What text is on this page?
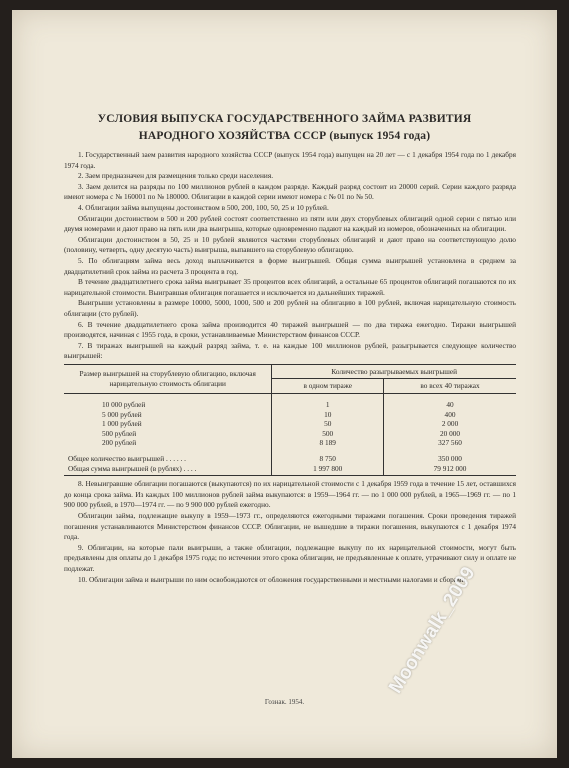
УСЛОВИЯ ВЫПУСКА ГОСУДАРСТВЕННОГО ЗАЙМА РАЗВИТИЯ
НАРОДНОГО ХОЗЯЙСТВА СССР (выпуск 1954 года)

1. Государственный заем развития народного хозяйства СССР (выпуск 1954 года) выпущен на 20 лет — с 1 декабря 1954 года по 1 декабря 1974 года.

2. Заем предназначен для размещения только среди населения.

3. Заем делится на разряды по 100 миллионов рублей в каждом разряде. Каждый разряд состоит из 20000 серий. Серии каждого разряда имеют номера с № 160001 по № 180000. Облигации в каждой серии имеют номера с № 01 по № 50.

4. Облигации займа выпущены достоинством в 500, 200, 100, 50, 25 и 10 рублей.

Облигации достоинством в 500 и 200 рублей состоят соответственно из пяти или двух сторублевых облигаций одной серии с пятью или двумя номерами и дают право на пять или два выигрыша, которые одновременно падают на каждый из номеров, обозначенных на облигации.

Облигации достоинством в 50, 25 и 10 рублей являются частями сторублевых облигаций и дают право на соответствующую долю (половину, четверть, одну десятую часть) выигрыша, выпавшего на сторублевую облигацию.

5. По облигациям займа весь доход выплачивается в форме выигрышей. Общая сумма выигрышей установлена в среднем за двадцатилетний срок займа из расчета 3 процента в год.

В течение двадцатилетнего срока займа выигрывает 35 процентов всех облигаций, а остальные 65 процентов облигаций погашаются по их нарицательной стоимости. Выигравшая облигация погашается и исключается из дальнейших тиражей.

Выигрыши установлены в размере 10000, 5000, 1000, 500 и 200 рублей на облигацию в 100 рублей, включая нарицательную стоимость облигации (сто рублей).

6. В течение двадцатилетнего срока займа производится 40 тиражей выигрышей — по два тиража ежегодно. Тиражи выигрышей производятся, начиная с 1955 года, в сроки, устанавливаемые Министерством финансов СССР.

7. В тиражах выигрышей на каждый разряд займа, т. е. на каждые 100 миллионов рублей, разыгрывается следующее количество выигрышей:

Размер выигрышей на сторублевую облигацию, включая нарицательную стоимость облигации	Количество разыгрываемых выигрышей	
	в одном тираже	во всех 40 тиражах
10 000 рублей	1	40
5 000 рублей	10	400
1 000 рублей	50	2 000
500 рублей	500	20 000
200 рублей	8 189	327 560
Общее количество выигрышей . . . . . .	8 750	350 000
Общая сумма выигрышей (в рублях) . . . .	1 997 800	79 912 000

8. Невыигравшие облигации погашаются (выкупаются) по их нарицательной стоимости с 1 декабря 1959 года в течение 15 лет, оставшихся до конца срока займа. Из каждых 100 миллионов рублей займа выкупаются: в 1959—1964 гг. — по 1 000 000 рублей, в 1965—1969 гг. — по 1 900 000 рублей, в 1970—1974 гг. — по 9 900 000 рублей ежегодно.

Облигации займа, подлежащие выкупу в 1959—1973 гг., определяются ежегодными тиражами погашения. Сроки проведения тиражей погашения устанавливаются Министерством финансов СССР. Облигации, не вышедшие в тиражи погашения, выкупаются с 1 декабря 1974 года.

9. Облигации, на которые пали выигрыши, а также облигации, подлежащие выкупу по их нарицательной стоимости, могут быть предъявлены для оплаты до 1 декабря 1975 года; по истечении этого срока облигации, не предъявленные к оплате, утрачивают силу и оплате не подлежат.

10. Облигации займа и выигрыши по ним освобождаются от обложения государственными и местными налогами и сборами.

Гознак. 1954.
Moonwalk_2009
